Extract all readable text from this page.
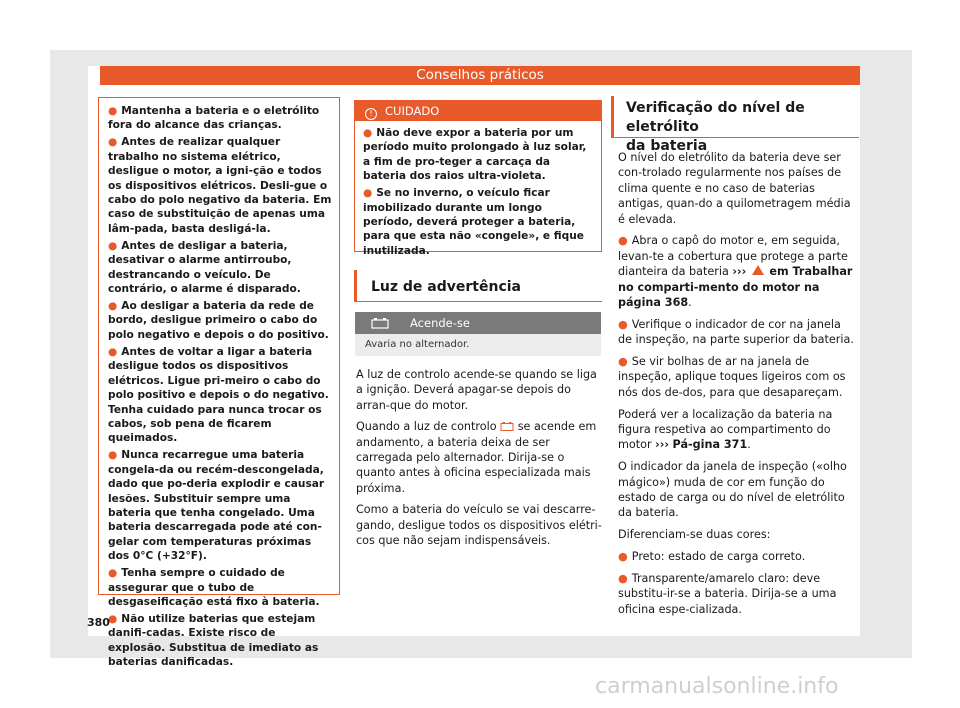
Conselhos práticos

● Mantenha a bateria e o eletrólito fora do alcance das crianças.

● Antes de realizar qualquer trabalho no sistema elétrico, desligue o motor, a igni-ção e todos os dispositivos elétricos. Desli-gue o cabo do polo negativo da bateria. Em caso de substituição de apenas uma lâm-pada, basta desligá-la.

● Antes de desligar a bateria, desativar o alarme antirroubo, destrancando o veículo. De contrário, o alarme é disparado.

● Ao desligar a bateria da rede de bordo, desligue primeiro o cabo do polo negativo e depois o do positivo.

● Antes de voltar a ligar a bateria desligue todos os dispositivos elétricos. Ligue pri-meiro o cabo do polo positivo e depois o do negativo. Tenha cuidado para nunca trocar os cabos, sob pena de ficarem queimados.

● Nunca recarregue uma bateria congela-da ou recém-descongelada, dado que po-deria explodir e causar lesões. Substituir sempre uma bateria que tenha congelado. Uma bateria descarregada pode até con-gelar com temperaturas próximas dos 0°C (+32°F).

● Tenha sempre o cuidado de assegurar que o tubo de desgaseificação está fixo à bateria.

● Não utilize baterias que estejam danifi-cadas. Existe risco de explosão. Substitua de imediato as baterias danificadas.

! CUIDADO

● Não deve expor a bateria por um período muito prolongado à luz solar, a fim de pro-teger a carcaça da bateria dos raios ultra-violeta.

● Se no inverno, o veículo ficar imobilizado durante um longo período, deverá proteger a bateria, para que esta não «congele», e fique inutilizada.

Luz de advertência
Acende-se
Avaria no alternador.

A luz de controlo acende-se quando se liga a ignição. Deverá apagar-se depois do arran-que do motor.

Quando a luz de controlo se acende em andamento, a bateria deixa de ser carregada pelo alternador. Dirija-se o quanto antes à oficina especializada mais próxima.

Como a bateria do veículo se vai descarre-gando, desligue todos os dispositivos elétri-cos que não sejam indispensáveis.

Verificação do nível de eletrólito
da bateria

O nível do eletrólito da bateria deve ser con-trolado regularmente nos países de clima quente e no caso de baterias antigas, quan-do a quilometragem média é elevada.

● Abra o capô do motor e, em seguida, levan-te a cobertura que protege a parte dianteira da bateria ››› em Trabalhar no comparti-mento do motor na página 368.

● Verifique o indicador de cor na janela de inspeção, na parte superior da bateria.

● Se vir bolhas de ar na janela de inspeção, aplique toques ligeiros com os nós dos de-dos, para que desapareçam.

Poderá ver a localização da bateria na figura respetiva ao compartimento do motor ››› Pá-gina 371.

O indicador da janela de inspeção («olho mágico») muda de cor em função do estado de carga ou do nível de eletrólito da bateria.

Diferenciam-se duas cores:

● Preto: estado de carga correto.

● Transparente/amarelo claro: deve substitu-ir-se a bateria. Dirija-se a uma oficina espe-cializada.

380
carmanualsonline.info
